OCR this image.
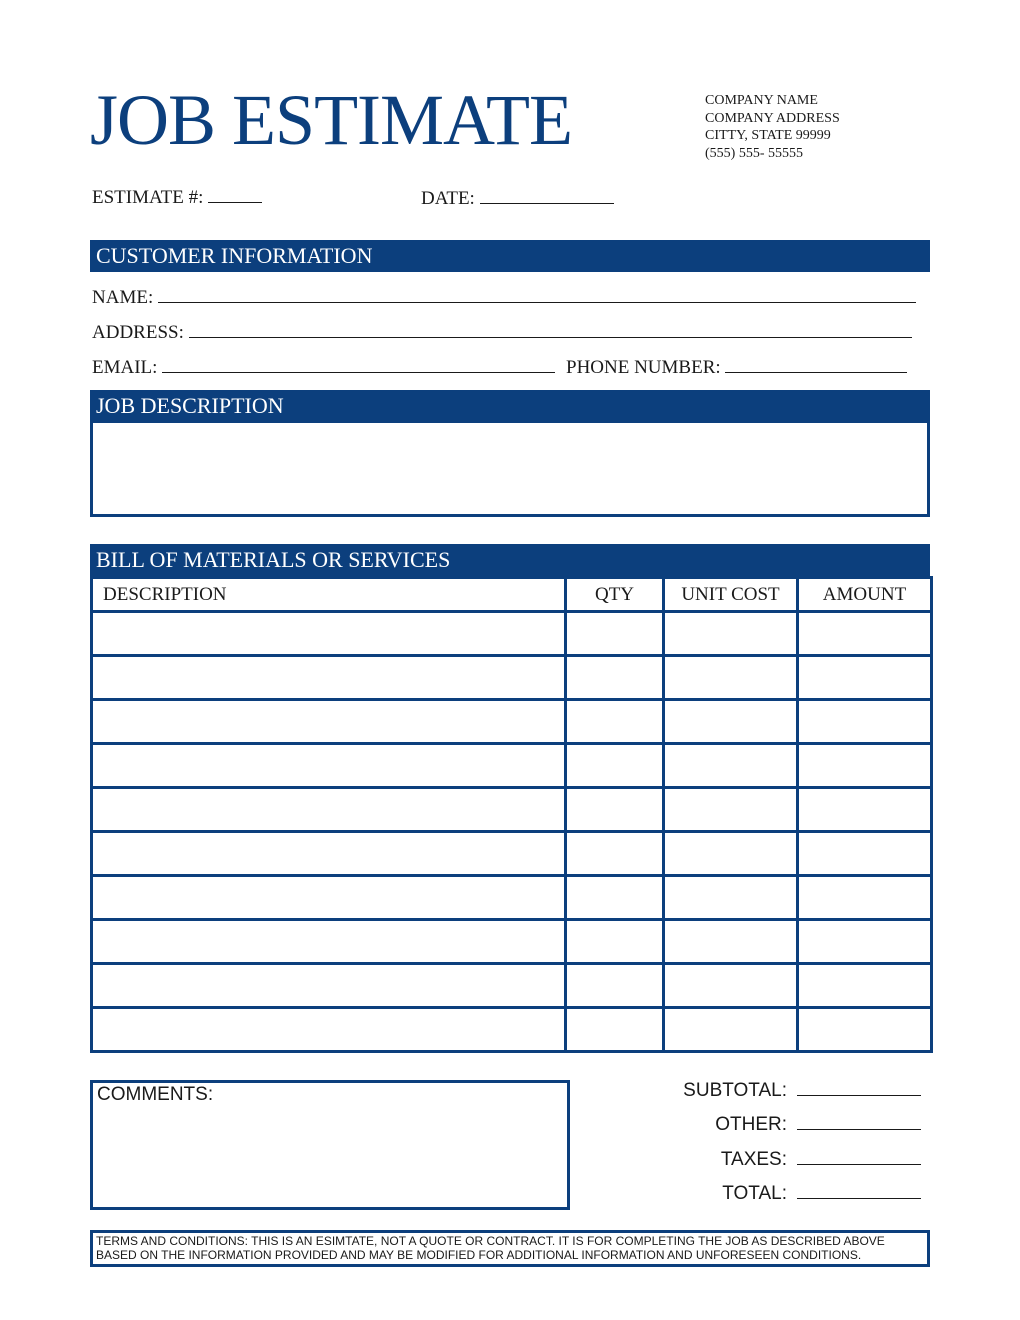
JOB ESTIMATE	COMPANY NAME
COMPANY ADDRESS
CITTY, STATE 99999
(555) 555- 55555
ESTIMATE #:	DATE:
CUSTOMER INFORMATION
NAME:
ADDRESS:
EMAIL:	PHONE NUMBER:
JOB DESCRIPTION
BILL OF MATERIALS OR SERVICES
DESCRIPTION	QTY	UNIT COST	AMOUNT

COMMENTS:	SUBTOTAL:
OTHER:
TAXES:
TOTAL:
TERMS AND CONDITIONS: THIS IS AN ESIMTATE, NOT A QUOTE OR CONTRACT. IT IS FOR COMPLETING THE JOB AS DESCRIBED ABOVE
BASED ON THE INFORMATION PROVIDED AND MAY BE MODIFIED FOR ADDITIONAL INFORMATION AND UNFORESEEN CONDITIONS.
